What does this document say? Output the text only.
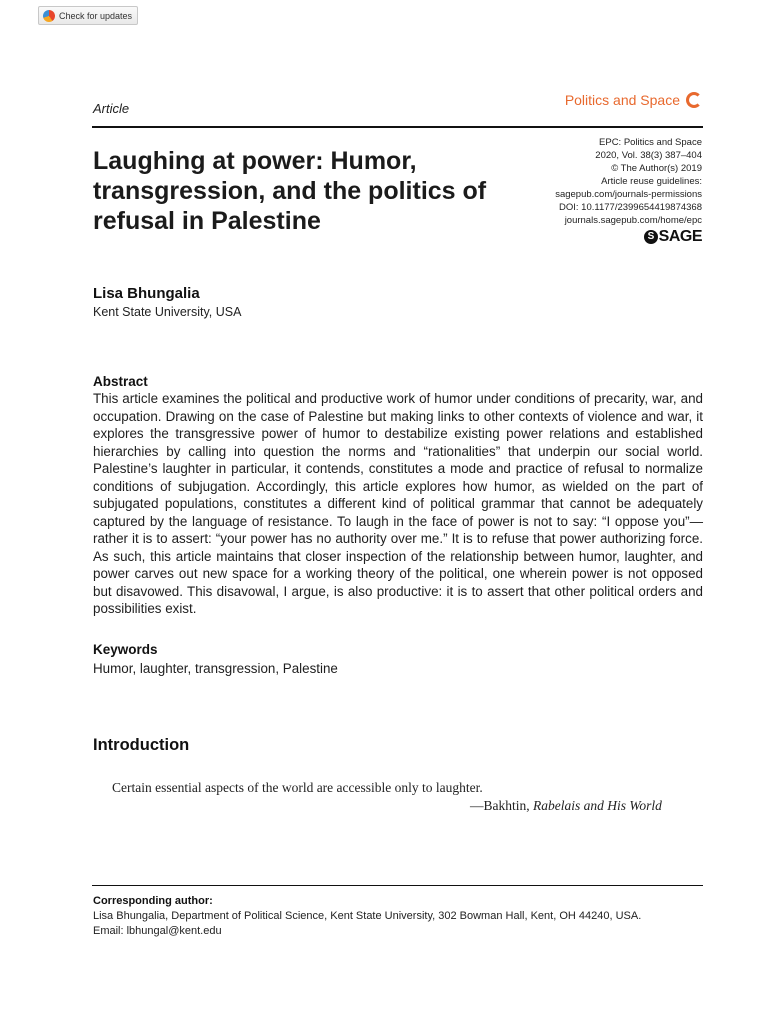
Check for updates
Article
Politics and Space
Laughing at power: Humor, transgression, and the politics of refusal in Palestine
EPC: Politics and Space
2020, Vol. 38(3) 387–404
© The Author(s) 2019
Article reuse guidelines:
sagepub.com/journals-permissions
DOI: 10.1177/2399654419874368
journals.sagepub.com/home/epc
S SAGE
Lisa Bhungalia
Kent State University, USA
Abstract

This article examines the political and productive work of humor under conditions of precarity, war, and occupation. Drawing on the case of Palestine but making links to other contexts of violence and war, it explores the transgressive power of humor to destabilize existing power relations and established hierarchies by calling into question the norms and “rationalities” that underpin our social world. Palestine’s laughter in particular, it contends, constitutes a mode and practice of refusal to normalize conditions of subjugation. Accordingly, this article explores how humor, as wielded on the part of subjugated populations, constitutes a different kind of political grammar that cannot be adequately captured by the language of resistance. To laugh in the face of power is not to say: “I oppose you”—rather it is to assert: “your power has no authority over me.” It is to refuse that power authorizing force. As such, this article maintains that closer inspection of the relationship between humor, laughter, and power carves out new space for a working theory of the political, one wherein power is not opposed but disavowed. This disavowal, I argue, is also productive: it is to assert that other political orders and possibilities exist.

Keywords
Humor, laughter, transgression, Palestine
Introduction
Certain essential aspects of the world are accessible only to laughter.
—Bakhtin, Rabelais and His World
Corresponding author:
Lisa Bhungalia, Department of Political Science, Kent State University, 302 Bowman Hall, Kent, OH 44240, USA.
Email: lbhungal@kent.edu
